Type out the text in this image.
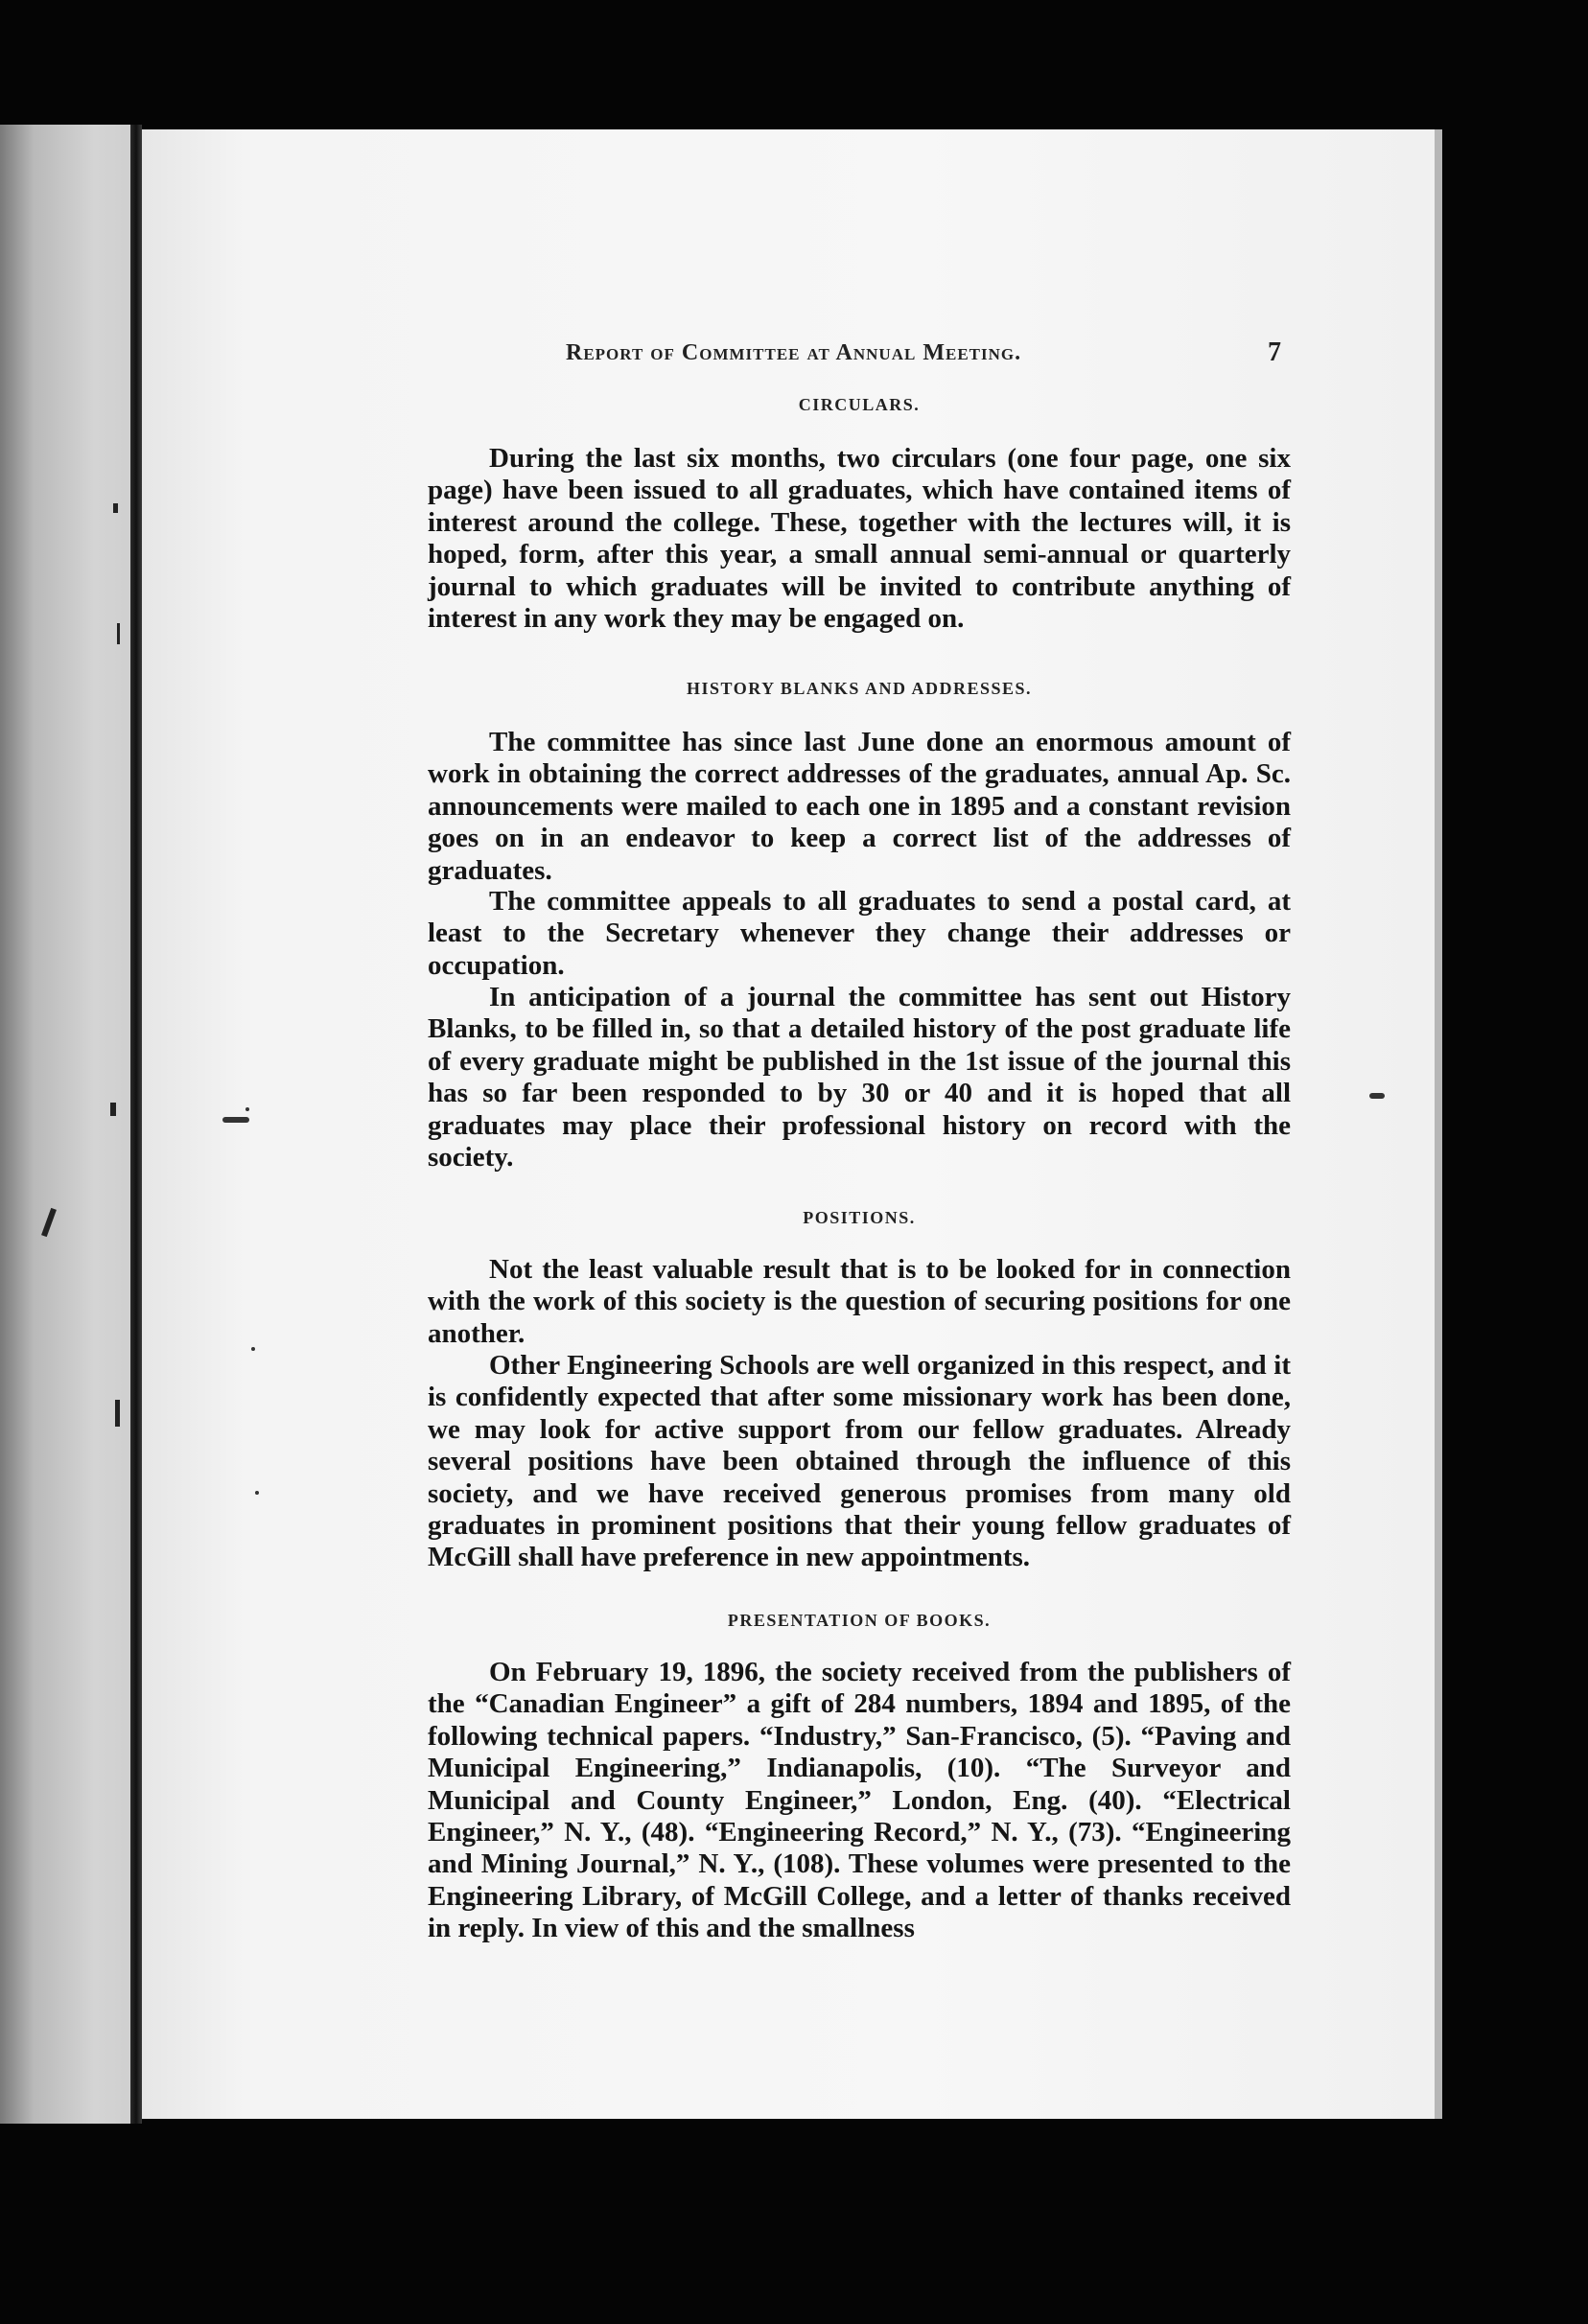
Report of Committee at Annual Meeting.	7
CIRCULARS.
During the last six months, two circulars (one four page, one six page) have been issued to all graduates, which have contained items of interest around the college. These, together with the lectures will, it is hoped, form, after this year, a small annual semi-annual or quarterly journal to which graduates will be invited to contribute anything of interest in any work they may be engaged on.
HISTORY BLANKS AND ADDRESSES.
The committee has since last June done an enormous amount of work in obtaining the correct addresses of the graduates, annual Ap. Sc. announcements were mailed to each one in 1895 and a constant revision goes on in an endeavor to keep a correct list of the addresses of graduates.
The committee appeals to all graduates to send a postal card, at least to the Secretary whenever they change their addresses or occupation.
In anticipation of a journal the committee has sent out History Blanks, to be filled in, so that a detailed history of the post graduate life of every graduate might be published in the 1st issue of the journal this has so far been responded to by 30 or 40 and it is hoped that all graduates may place their professional history on record with the society.
POSITIONS.
Not the least valuable result that is to be looked for in connection with the work of this society is the question of securing positions for one another.
Other Engineering Schools are well organized in this respect, and it is confidently expected that after some missionary work has been done, we may look for active support from our fellow graduates. Already several positions have been obtained through the influence of this society, and we have received generous promises from many old graduates in prominent positions that their young fellow graduates of McGill shall have preference in new appointments.
PRESENTATION OF BOOKS.
On February 19, 1896, the society received from the publishers of the “Canadian Engineer” a gift of 284 numbers, 1894 and 1895, of the following technical papers. “Industry,” San-Francisco, (5). “Paving and Municipal Engineering,” Indianapolis, (10). “The Surveyor and Municipal and County Engineer,” London, Eng. (40). “Electrical Engineer,” N. Y., (48). “Engineering Record,” N. Y., (73). “Engineering and Mining Journal,” N. Y., (108). These volumes were presented to the Engineering Library, of McGill College, and a letter of thanks received in reply. In view of this and the smallness
